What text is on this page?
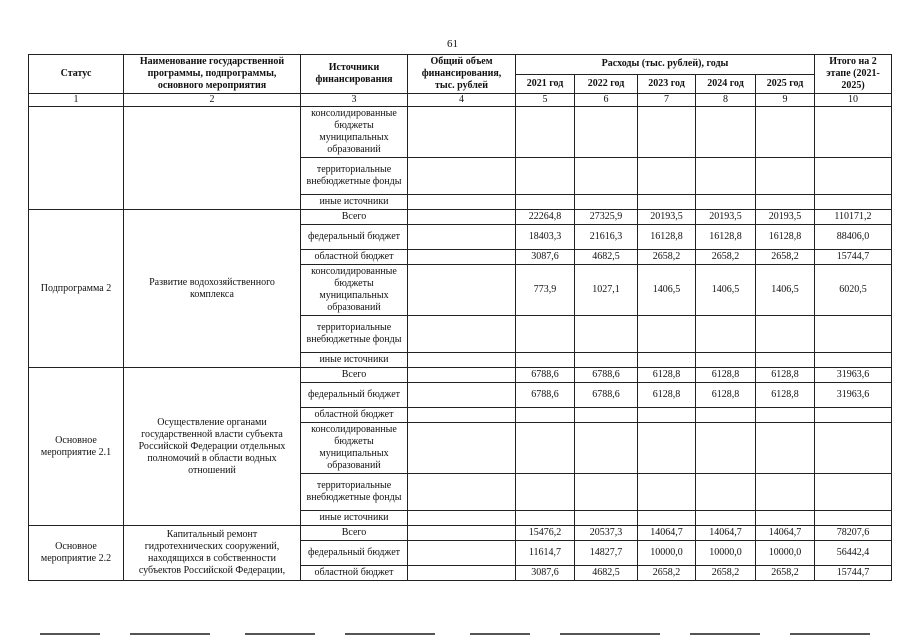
61
Статус	Наименование государственной программы, подпрограммы, основного мероприятия	Источники финансирования	Общий объем финансирования, тыс. рублей	Расходы (тыс. рублей), годы					Итого на 2 этапе (2021-2025)
				2021 год	2022 год	2023 год	2024 год	2025 год	
1	2	3	4	5	6	7	8	9	10
		консолидированные бюджеты муниципальных образований							
		территориальные внебюджетные фонды							
		иные источники							
Подпрограмма 2	Развитие водохозяйственного комплекса	Всего		22264,8	27325,9	20193,5	20193,5	20193,5	110171,2
		федеральный бюджет		18403,3	21616,3	16128,8	16128,8	16128,8	88406,0
		областной бюджет		3087,6	4682,5	2658,2	2658,2	2658,2	15744,7
		консолидированные бюджеты муниципальных образований		773,9	1027,1	1406,5	1406,5	1406,5	6020,5
		территориальные внебюджетные фонды							
		иные источники							
Основное мероприятие 2.1	Осуществление органами государственной власти субъекта Российской Федерации отдельных полномочий в области водных отношений	Всего		6788,6	6788,6	6128,8	6128,8	6128,8	31963,6
		федеральный бюджет		6788,6	6788,6	6128,8	6128,8	6128,8	31963,6
		областной бюджет							
		консолидированные бюджеты муниципальных образований							
		территориальные внебюджетные фонды							
		иные источники							
Основное мероприятие 2.2	Капитальный ремонт гидротехнических сооружений, находящихся в собственности субъектов Российской Федерации,	Всего		15476,2	20537,3	14064,7	14064,7	14064,7	78207,6
		федеральный бюджет		11614,7	14827,7	10000,0	10000,0	10000,0	56442,4
		областной бюджет		3087,6	4682,5	2658,2	2658,2	2658,2	15744,7
